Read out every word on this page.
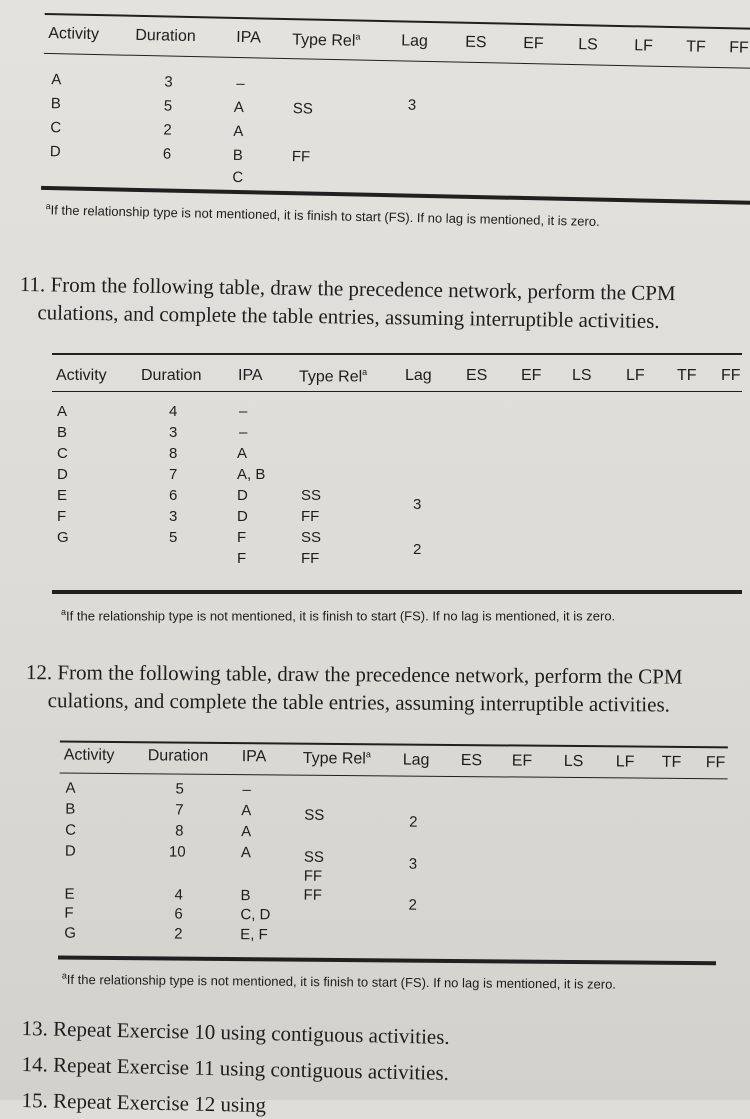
Activity Duration	IPA Type Rel$^a$	Lag ES EF LS LF TF FF
A
B
C
D
3
5
2
6
–
A
A
B
C
SS
FF
3
$^a$If the relationship type is not mentioned, it is finish to start (FS). If no lag is mentioned, it is zero.
11. From the following table, draw the precedence network, perform the CPM
culations, and complete the table entries, assuming interruptible activities.
Activity Duration IPA Type Rel$^a$ Lag ES EF LS LF TF FF
A
B
C
D
E
F
G
4
3
8
7
6
3
5
–
–
A
A, B
D
D
F
F
SS
FF
SS
FF
3
2
$^a$If the relationship type is not mentioned, it is finish to start (FS). If no lag is mentioned, it is zero.
12. From the following table, draw the precedence network, perform the CPM
culations, and complete the table entries, assuming interruptible activities.
Activity Duration IPA Type Rel$^a$ Lag ES EF LS LF TF FF
A
B
C
D
E
F
G
5
7
8
10
4
6
2
–
A
A
A
B
C, D
E, F
SS
SS
FF
FF
2
3
2
$^a$If the relationship type is not mentioned, it is finish to start (FS). If no lag is mentioned, it is zero.
13. Repeat Exercise 10 using contiguous activities.
14. Repeat Exercise 11 using contiguous activities.
15. Repeat Exercise 12 using
